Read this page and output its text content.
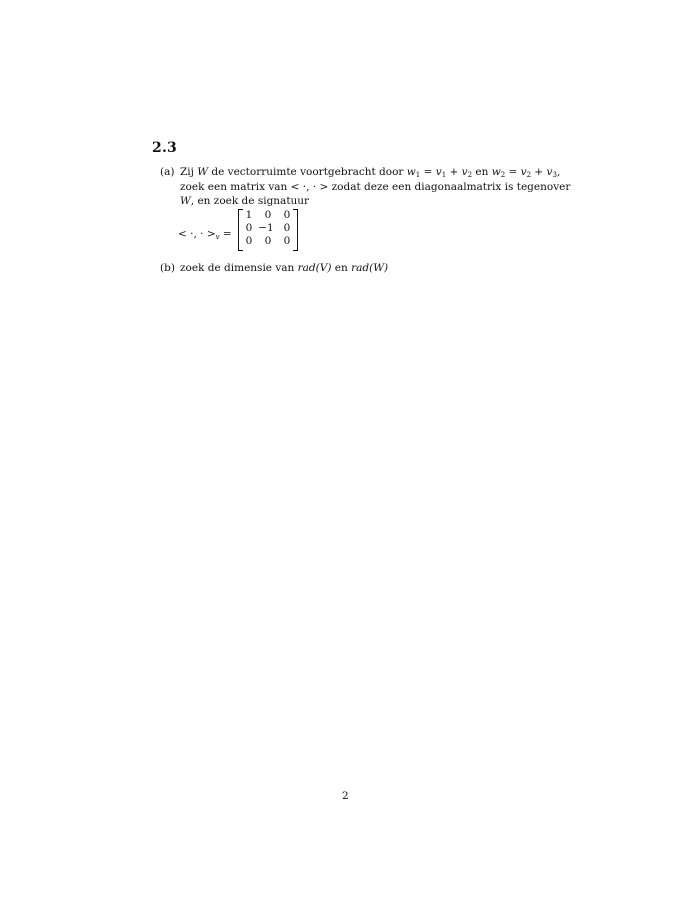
2.3
(a) Zij W de vectorruimte voortgebracht door $w_1 = v_1 + v_2$ en $w_2 = v_2 + v_3$,
zoek een matrix van < ·, · > zodat deze een diagonaalmatrix is tegenover
W, en zoek de signatuur
< ·, · >v =
1	0	0
0 −1 0
0	0	0
(b) zoek de dimensie van rad(V) en rad(W)
2
